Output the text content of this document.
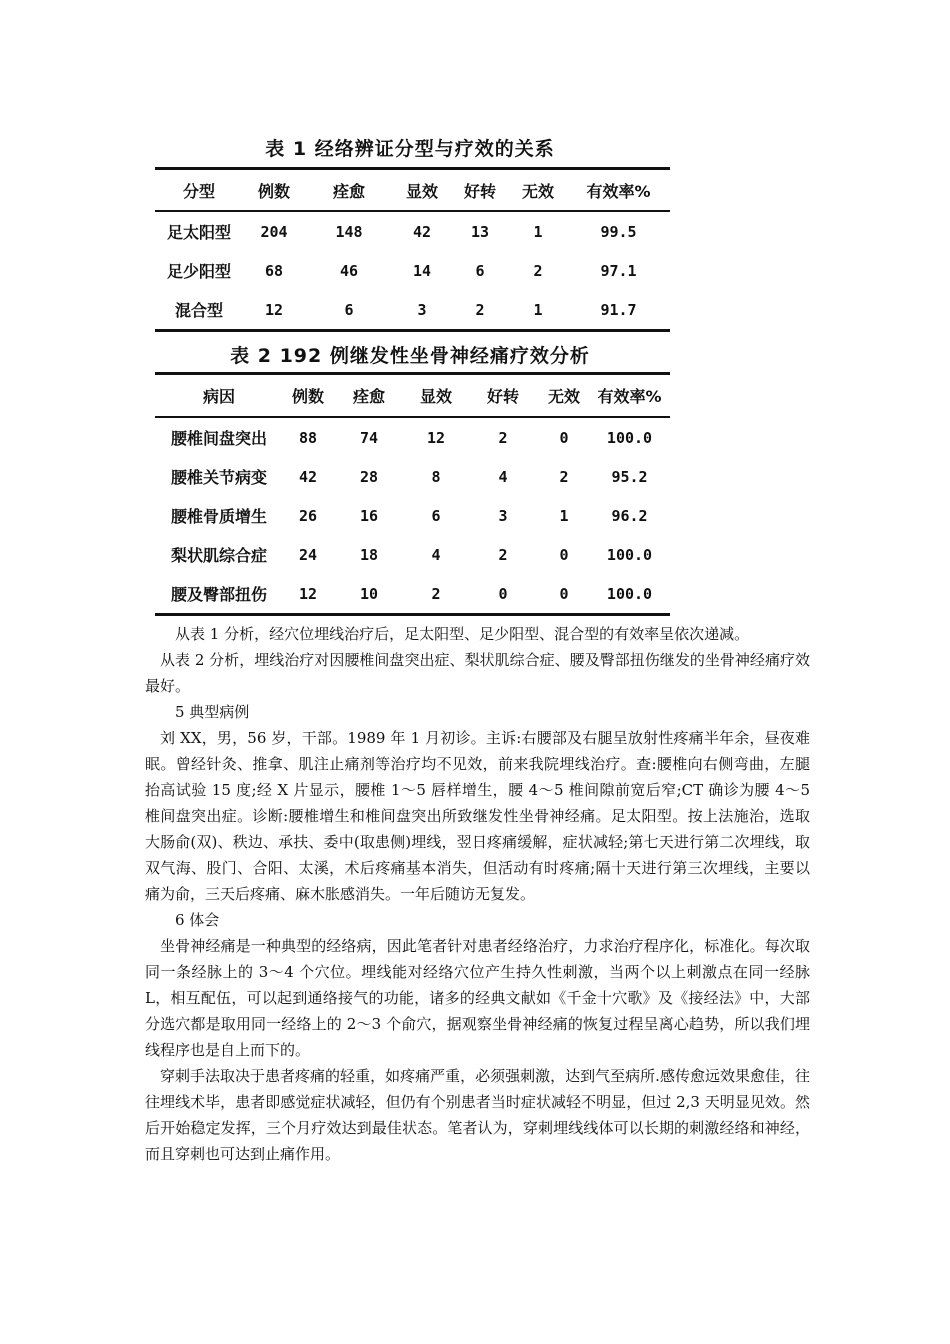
表 1 经络辨证分型与疗效的关系
分型	例数	痊愈	显效	好转	无效	有效率%
足太阳型	204	148	42	13	1	99.5
足少阳型	68	46	14	6	2	97.1
混合型	12	6	3	2	1	91.7
表 2 192 例继发性坐骨神经痛疗效分析
病因	例数	痊愈	显效	好转	无效	有效率%
腰椎间盘突出	88	74	12	2	0	100.0
腰椎关节病变	42	28	8	4	2	95.2
腰椎骨质增生	26	16	6	3	1	96.2
梨状肌综合症	24	18	4	2	0	100.0
腰及臀部扭伤	12	10	2	0	0	100.0

从表 1 分析，经穴位埋线治疗后，足太阳型、足少阳型、混合型的有效率呈依次递减。

从表 2 分析，埋线治疗对因腰椎间盘突出症、梨状肌综合症、腰及臀部扭伤继发的坐骨神经痛疗效最好。

5 典型病例

刘 XX，男，56 岁，干部。1989 年 1 月初诊。主诉:右腰部及右腿呈放射性疼痛半年余，昼夜难眠。曾经针灸、推拿、肌注止痛剂等治疗均不见效，前来我院埋线治疗。查:腰椎向右侧弯曲，左腿抬高试验 15 度;经 X 片显示，腰椎 1～5 唇样增生，腰 4～5 椎间隙前宽后窄;CT 确诊为腰 4～5 椎间盘突出症。诊断:腰椎增生和椎间盘突出所致继发性坐骨神经痛。足太阳型。按上法施治，选取大肠俞(双)、秩边、承扶、委中(取患侧)埋线，翌日疼痛缓解，症状减轻;第七天进行第二次埋线，取双气海、股门、合阳、太溪，术后疼痛基本消失，但活动有时疼痛;隔十天进行第三次埋线，主要以痛为俞，三天后疼痛、麻木胀感消失。一年后随访无复发。

6 体会

坐骨神经痛是一种典型的经络病，因此笔者针对患者经络治疗，力求治疗程序化，标准化。每次取同一条经脉上的 3～4 个穴位。埋线能对经络穴位产生持久性刺激，当两个以上刺激点在同一经脉 L，相互配伍，可以起到通络接气的功能，诸多的经典文献如《千金十穴歌》及《接经法》中，大部分选穴都是取用同一经络上的 2～3 个俞穴，据观察坐骨神经痛的恢复过程呈离心趋势，所以我们埋线程序也是自上而下的。

穿刺手法取决于患者疼痛的轻重，如疼痛严重，必须强刺激，达到气至病所.感传愈远效果愈佳，往往埋线术毕，患者即感觉症状减轻，但仍有个别患者当时症状减轻不明显，但过 2,3 天明显见效。然后开始稳定发挥，三个月疗效达到最佳状态。笔者认为，穿刺埋线线体可以长期的刺激经络和神经，而且穿刺也可达到止痛作用。
